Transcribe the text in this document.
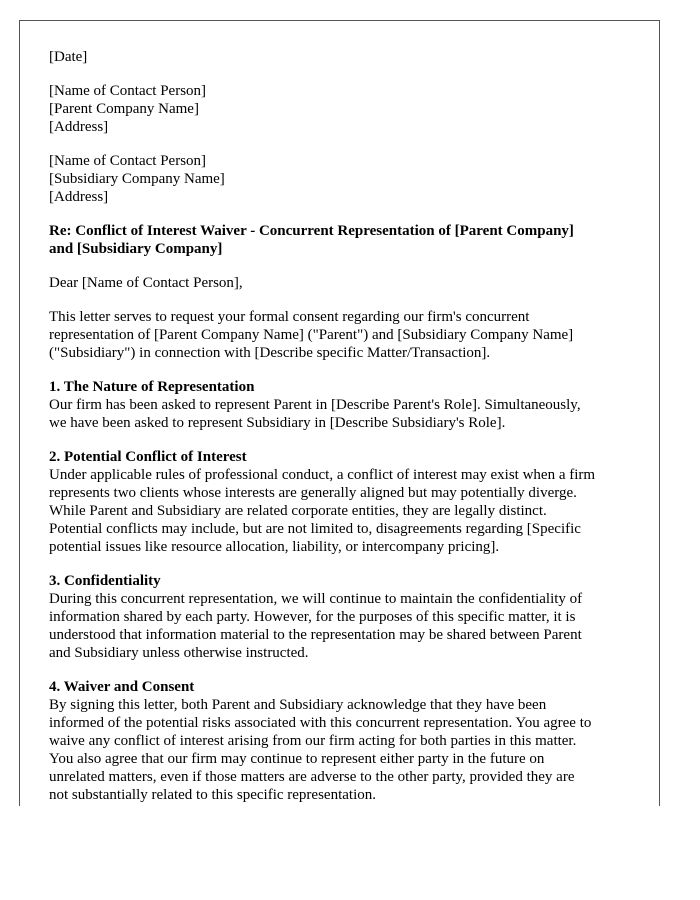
[Date]
[Name of Contact Person]
[Parent Company Name]
[Address]
[Name of Contact Person]
[Subsidiary Company Name]
[Address]
Re: Conflict of Interest Waiver - Concurrent Representation of [Parent Company]
and [Subsidiary Company]
Dear [Name of Contact Person],
This letter serves to request your formal consent regarding our firm's concurrent
representation of [Parent Company Name] ("Parent") and [Subsidiary Company Name]
("Subsidiary") in connection with [Describe specific Matter/Transaction].
1. The Nature of Representation
Our firm has been asked to represent Parent in [Describe Parent's Role]. Simultaneously,
we have been asked to represent Subsidiary in [Describe Subsidiary's Role].
2. Potential Conflict of Interest
Under applicable rules of professional conduct, a conflict of interest may exist when a firm
represents two clients whose interests are generally aligned but may potentially diverge.
While Parent and Subsidiary are related corporate entities, they are legally distinct.
Potential conflicts may include, but are not limited to, disagreements regarding [Specific
potential issues like resource allocation, liability, or intercompany pricing].
3. Confidentiality
During this concurrent representation, we will continue to maintain the confidentiality of
information shared by each party. However, for the purposes of this specific matter, it is
understood that information material to the representation may be shared between Parent
and Subsidiary unless otherwise instructed.
4. Waiver and Consent
By signing this letter, both Parent and Subsidiary acknowledge that they have been
informed of the potential risks associated with this concurrent representation. You agree to
waive any conflict of interest arising from our firm acting for both parties in this matter.
You also agree that our firm may continue to represent either party in the future on
unrelated matters, even if those matters are adverse to the other party, provided they are
not substantially related to this specific representation.
